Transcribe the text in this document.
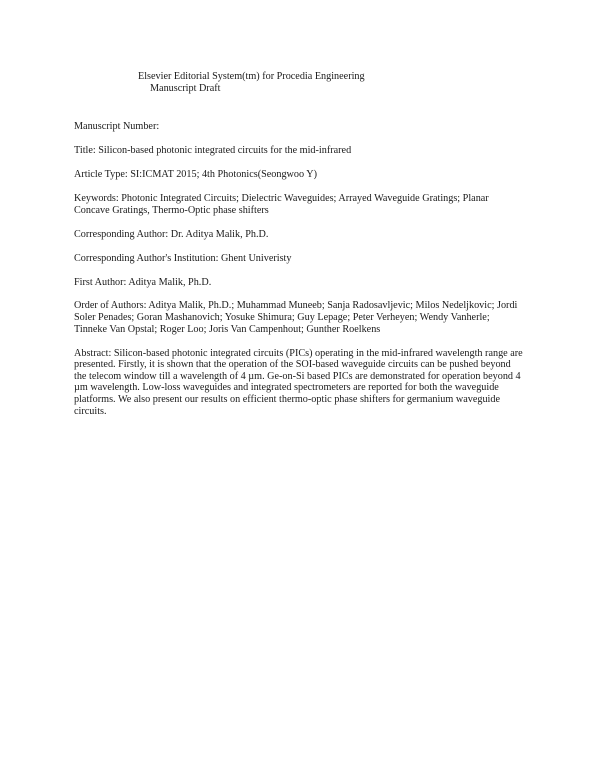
Elsevier Editorial System(tm) for Procedia Engineering
Manuscript Draft
Manuscript Number:
Title: Silicon-based photonic integrated circuits for the mid-infrared
Article Type: SI:ICMAT 2015; 4th Photonics(Seongwoo Y)
Keywords: Photonic Integrated Circuits; Dielectric Waveguides; Arrayed Waveguide Gratings; Planar Concave Gratings, Thermo-Optic phase shifters
Corresponding Author: Dr. Aditya Malik, Ph.D.
Corresponding Author's Institution: Ghent Univeristy
First Author: Aditya Malik, Ph.D.
Order of Authors: Aditya Malik, Ph.D.; Muhammad Muneeb; Sanja Radosavljevic; Milos Nedeljkovic; Jordi Soler Penades; Goran Mashanovich; Yosuke Shimura; Guy Lepage; Peter Verheyen; Wendy Vanherle; Tinneke Van Opstal; Roger Loo; Joris Van Campenhout; Gunther Roelkens
Abstract: Silicon-based photonic integrated circuits (PICs) operating in the mid-infrared wavelength range are presented. Firstly, it is shown that the operation of the SOI-based waveguide circuits can be pushed beyond the telecom window till a wavelength of 4 µm. Ge-on-Si based PICs are demonstrated for operation beyond 4 µm wavelength. Low-loss waveguides and integrated spectrometers are reported for both the waveguide platforms. We also present our results on efficient thermo-optic phase shifters for germanium waveguide circuits.
